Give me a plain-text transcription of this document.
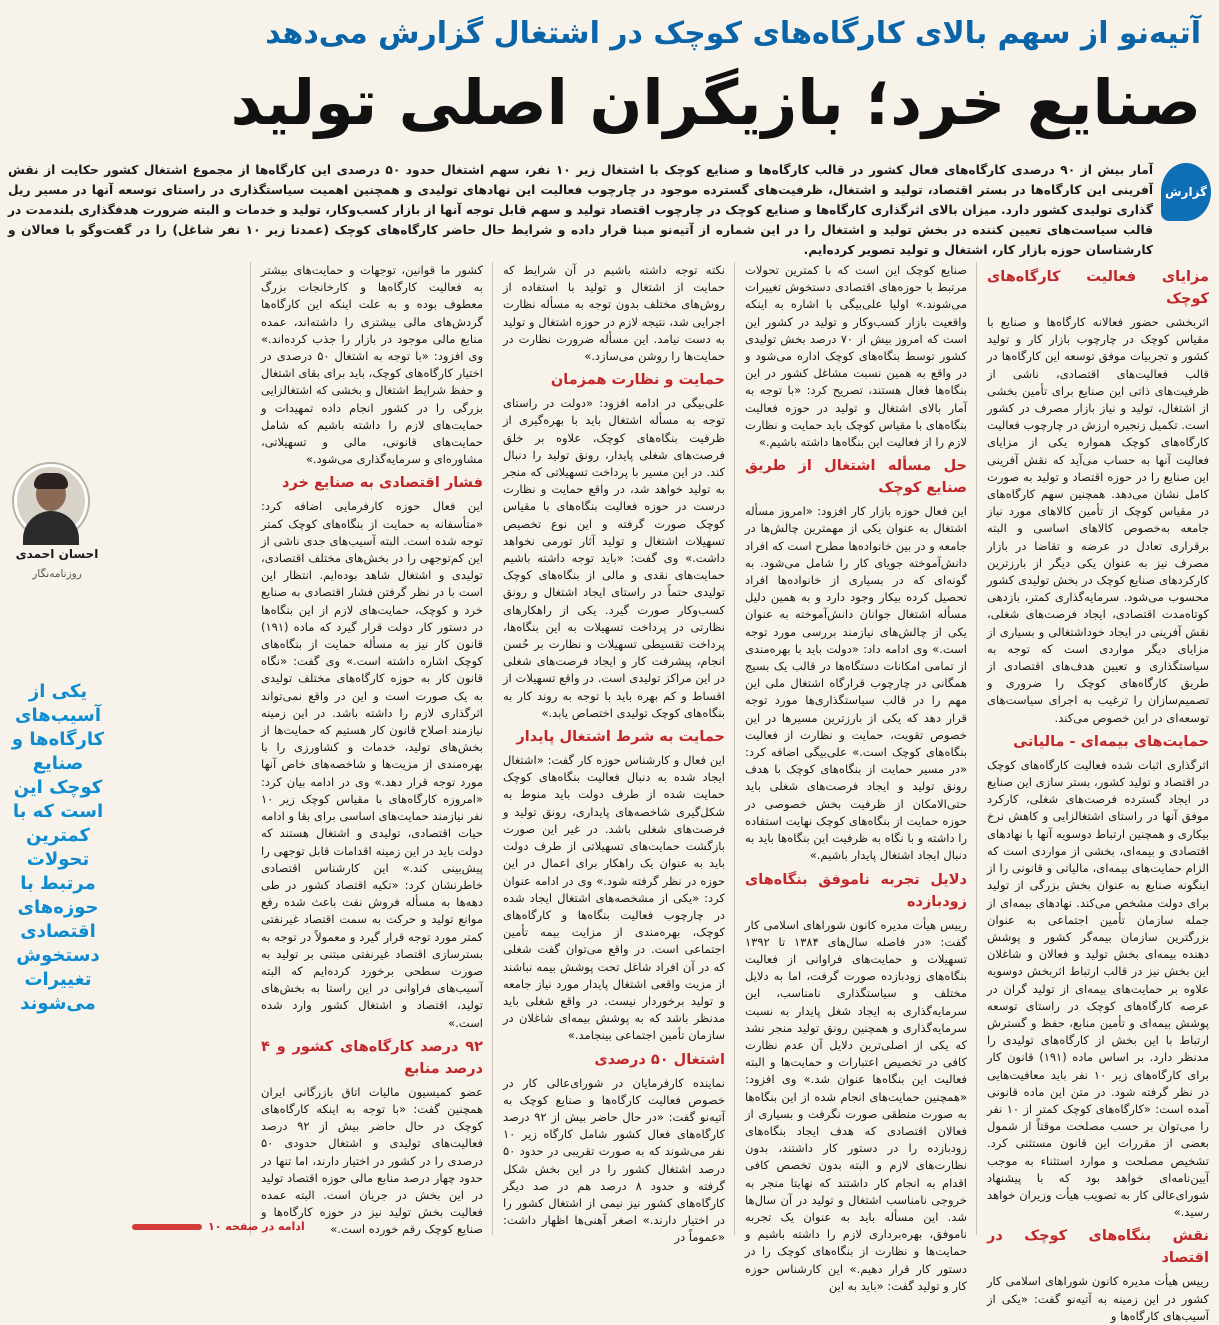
آتیه‌نو از سهم بالای کارگاه‌های کوچک در اشتغال گزارش می‌دهد
صنایع خرد؛ بازیگران اصلی تولید
گزارش
آمار بیش از ۹۰ درصدی کارگاه‌های فعال کشور در قالب کارگاه‌ها و صنایع کوچک با اشتغال زیر ۱۰ نفر، سهم اشتغال حدود ۵۰ درصدی این کارگاه‌ها از مجموع اشتغال کشور حکایت از نقش آفرینی این کارگاه‌ها در بستر اقتصاد، تولید و اشتغال، ظرفیت‌های گسترده موجود در چارچوب فعالیت این نهادهای تولیدی و همچنین اهمیت سیاستگذاری در راستای توسعه آنها در مسیر ریل گذاری تولیدی کشور دارد. میزان بالای اثرگذاری کارگاه‌ها و صنایع کوچک در چارچوب اقتصاد تولید و سهم قابل توجه آنها از بازار کسب‌وکار، تولید و خدمات و البته ضرورت هدفگذاری بلندمدت در قالب سیاست‌های تعیین کننده در بخش تولید و اشتغال را در این شماره از آتیه‌نو مبنا قرار داده و شرایط حال حاضر کارگاه‌های کوچک (عمدتا زیر ۱۰ نفر شاغل) را در گفت‌وگو با فعالان و کارشناسان حوزه بازار کار، اشتغال و تولید تصویر کرده‌ایم.
مزایای فعالیت کارگاه‌های کوچک

اثربخشی حضور فعالانه کارگاه‌ها و صنایع با مقیاس کوچک در چارچوب بازار کار و تولید کشور و تجربیات موفق توسعه این کارگاه‌ها در قالب فعالیت‌های اقتصادی، ناشی از ظرفیت‌های ذاتی این صنایع برای تأمین بخشی از اشتغال، تولید و نیاز بازار مصرف در کشور است. تکمیل زنجیره ارزش در چارچوب فعالیت کارگاه‌های کوچک همواره یکی از مزایای فعالیت آنها به حساب می‌آید که نقش آفرینی این صنایع را در حوزه اقتصاد و تولید به صورت کامل نشان می‌دهد. همچنین سهم کارگاه‌های در مقیاس کوچک از تأمین کالاهای مورد نیاز جامعه به‌خصوص کالاهای اساسی و البته برقراری تعادل در عرضه و تقاضا در بازار مصرف نیز به عنوان یکی دیگر از بارزترین کارکردهای صنایع کوچک در بخش تولیدی کشور محسوب می‌شود. سرمایه‌گذاری کمتر، بازدهی کوتاه‌مدت اقتصادی، ایجاد فرصت‌های شغلی، نقش آفرینی در ایجاد خوداشتغالی و بسیاری از مزایای دیگر مواردی است که توجه به سیاستگذاری و تعیین هدف‌های اقتصادی از طریق کارگاه‌های کوچک را ضروری و تصمیم‌سازان را ترغیب به اجرای سیاست‌های توسعه‌ای در این خصوص می‌کند.

حمایت‌های بیمه‌ای - مالیاتی

اثرگذاری اثبات شده فعالیت کارگاه‌های کوچک در اقتصاد و تولید کشور، بستر سازی این صنایع در ایجاد گسترده فرصت‌های شغلی، کارکرد موفق آنها در راستای اشتغالزایی و کاهش نرخ بیکاری و همچنین ارتباط دوسویه آنها با نهادهای اقتصادی و بیمه‌ای، بخشی از مواردی است که الزام حمایت‌های بیمه‌ای، مالیاتی و قانونی را از اینگونه صنایع به عنوان بخش بزرگی از تولید برای دولت مشخص می‌کند. نهادهای بیمه‌ای از جمله سازمان تأمین اجتماعی به عنوان بزرگترین سازمان بیمه‌گر کشور و پوشش دهنده بیمه‌ای بخش تولید و فعالان و شاغلان این بخش نیز در قالب ارتباط اثربخش دوسویه علاوه بر حمایت‌های بیمه‌ای از تولید گران در عرصه کارگاه‌های کوچک در راستای توسعه پوشش بیمه‌ای و تأمین منابع، حفظ و گسترش ارتباط با این بخش از کارگاه‌های تولیدی را مدنظر دارد. بر اساس ماده (۱۹۱) قانون کار برای کارگاه‌های زیر ۱۰ نفر باید معافیت‌هایی در نظر گرفته شود. در متن این ماده قانونی آمده است: «کارگاه‌های کوچک کمتر از ۱۰ نفر را می‌توان بر حسب مصلحت موقتاً از شمول بعضی از مقررات این قانون مستثنی کرد. تشخیص مصلحت و موارد استثناء به موجب آیین‌نامه‌ای خواهد بود که با پیشنهاد شورای‌عالی کار به تصویب هیأت وزیران خواهد رسید.»

نقش بنگاه‌های کوچک در اقتصاد

رییس هیأت مدیره کانون شوراهای اسلامی کار کشور در این زمینه به آتیه‌نو گفت: «یکی از آسیب‌های کارگاه‌ها و

صنایع کوچک این است که با کمترین تحولات مرتبط با حوزه‌های اقتصادی دستخوش تغییرات می‌شوند.» اولیا علی‌بیگی با اشاره به اینکه واقعیت بازار کسب‌وکار و تولید در کشور این است که امروز بیش از ۷۰ درصد بخش تولیدی کشور توسط بنگاه‌های کوچک اداره می‌شود و در واقع به همین نسبت مشاغل کشور در این بنگاه‌ها فعال هستند، تصریح کرد: «با توجه به آمار بالای اشتغال و تولید در حوزه فعالیت بنگاه‌های با مقیاس کوچک باید حمایت و نظارت لازم را از فعالیت این بنگاه‌ها داشته باشیم.»

حل مسأله اشتغال از طریق صنایع کوچک

این فعال حوزه بازار کار افزود: «امروز مسأله اشتغال به عنوان یکی از مهمترین چالش‌ها در جامعه و در بین خانواده‌ها مطرح است که افراد دانش‌آموخته جویای کار را شامل می‌شود. به گونه‌ای که در بسیاری از خانواده‌ها افراد تحصیل کرده بیکار وجود دارد و به همین دلیل مسأله اشتغال جوانان دانش‌آموخته به عنوان یکی از چالش‌های نیازمند بررسی مورد توجه است.» وی ادامه داد: «دولت باید با بهره‌مندی از تمامی امکانات دستگاه‌ها در قالب یک بسیج همگانی در چارچوب قرارگاه اشتغال ملی این مهم را در قالب سیاستگذاری‌ها مورد توجه قرار دهد که یکی از بارزترین مسیرها در این خصوص تقویت، حمایت و نظارت از فعالیت بنگاه‌های کوچک است.» علی‌بیگی اضافه کرد: «در مسیر حمایت از بنگاه‌های کوچک با هدف رونق تولید و ایجاد فرصت‌های شغلی باید حتی‌الامکان از ظرفیت بخش خصوصی در حوزه حمایت از بنگاه‌های کوچک نهایت استفاده را داشته و با نگاه به ظرفیت این بنگاه‌ها باید به دنبال ایجاد اشتغال پایدار باشیم.»

دلایل تجربه ناموفق بنگاه‌های زودبازده

رییس هیأت مدیره کانون شوراهای اسلامی کار گفت: «در فاصله سال‌های ۱۳۸۴ تا ۱۳۹۲ تسهیلات و حمایت‌های فراوانی از فعالیت بنگاه‌های زودبازده صورت گرفت، اما به دلایل مختلف و سیاستگذاری نامناسب، این سرمایه‌گذاری به ایجاد شغل پایدار به نسبت سرمایه‌گذاری و همچنین رونق تولید منجر نشد که یکی از اصلی‌ترین دلایل آن عدم نظارت کافی در تخصیص اعتبارات و حمایت‌ها و البته فعالیت این بنگاه‌ها عنوان شد.» وی افزود: «همچنین حمایت‌های انجام شده از این بنگاه‌ها به صورت منطقی صورت نگرفت و بسیاری از فعالان اقتصادی که هدف ایجاد بنگاه‌های زودبازده را در دستور کار داشتند، بدون نظارت‌های لازم و البته بدون تخصص کافی اقدام به انجام کار داشتند که نهایتا منجر به خروجی نامناسب اشتغال و تولید در آن سال‌ها شد. این مسأله باید به عنوان یک تجربه ناموفق، بهره‌برداری لازم را داشته باشیم و حمایت‌ها و نظارت از بنگاه‌های کوچک را در دستور کار قرار دهیم.» این کارشناس حوزه کار و تولید گفت: «باید به این

نکته توجه داشته باشیم در آن شرایط که حمایت از اشتغال و تولید با استفاده از روش‌های مختلف بدون توجه به مسأله نظارت اجرایی شد، نتیجه لازم در حوزه اشتغال و تولید به دست نیامد. این مسأله ضرورت نظارت در حمایت‌ها را روشن می‌سازد.»

حمایت و نظارت همزمان

علی‌بیگی در ادامه افزود: «دولت در راستای توجه به مسأله اشتغال باید با بهره‌گیری از ظرفیت بنگاه‌های کوچک، علاوه بر خلق فرصت‌های شغلی پایدار، رونق تولید را دنبال کند. در این مسیر با پرداخت تسهیلاتی که منجر به تولید خواهد شد، در واقع حمایت و نظارت درست در حوزه فعالیت بنگاه‌های با مقیاس کوچک صورت گرفته و این نوع تخصیص تسهیلات اشتغال و تولید آثار تورمی نخواهد داشت.» وی گفت: «باید توجه داشته باشیم حمایت‌های نقدی و مالی از بنگاه‌های کوچک تولیدی حتماً در راستای ایجاد اشتغال و رونق کسب‌وکار صورت گیرد. یکی از راهکارهای نظارتی در پرداخت تسهیلات به این بنگاه‌ها، پرداخت تقسیطی تسهیلات و نظارت بر حُسن انجام، پیشرفت کار و ایجاد فرصت‌های شغلی در این مراکز تولیدی است. در واقع تسهیلات از اقساط و کم بهره باید با توجه به روند کار به بنگاه‌های کوچک تولیدی اختصاص یابد.»

حمایت به شرط اشتغال پایدار

این فعال و کارشناس حوزه کار گفت: «اشتغال ایجاد شده به دنبال فعالیت بنگاه‌های کوچک حمایت شده از طرف دولت باید منوط به شکل‌گیری شاخصه‌های پایداری، رونق تولید و فرصت‌های شغلی باشد. در غیر این صورت بازگشت حمایت‌های تسهیلاتی از طرف دولت باید به عنوان یک راهکار برای اعمال در این حوزه در نظر گرفته شود.» وی در ادامه عنوان کرد: «یکی از مشخصه‌های اشتغال ایجاد شده در چارچوب فعالیت بنگاه‌ها و کارگاه‌های کوچک، بهره‌مندی از مزایت بیمه تأمین اجتماعی است. در واقع می‌توان گفت شغلی که در آن افراد شاغل تحت پوشش بیمه نباشند از مزیت واقعی اشتغال پایدار مورد نیاز جامعه و تولید برخوردار نیست. در واقع شغلی باید مدنظر باشد که به پوشش بیمه‌ای شاغلان در سازمان تأمین اجتماعی بینجامد.»

اشتغال ۵۰ درصدی

نماینده کارفرمایان در شورای‌عالی کار در خصوص فعالیت کارگاه‌ها و صنایع کوچک به آتیه‌نو گفت: «در حال حاضر بیش از ۹۲ درصد کارگاه‌های فعال کشور شامل کارگاه زیر ۱۰ نفر می‌شوند که به صورت تقریبی در حدود ۵۰ درصد اشتغال کشور را در این بخش شکل گرفته و حدود ۸ درصد هم در صد دیگر کارگاه‌های کشور نیز نیمی از اشتغال کشور را در اختیار دارند.» اصغر آهنی‌ها اظهار داشت: «عموماً در

کشور ما قوانین، توجهات و حمایت‌های بیشتر به فعالیت کارگاه‌ها و کارخانجات بزرگ معطوف بوده و به علت اینکه این کارگاه‌ها گردش‌های مالی بیشتری را داشته‌اند، عمده منابع مالی موجود در بازار را جذب کرده‌اند.» وی افزود: «با توجه به اشتغال ۵۰ درصدی در اختیار کارگاه‌های کوچک، باید برای بقای اشتغال و حفظ شرایط اشتغال و بخشی که اشتغالزایی بزرگی را در کشور انجام داده تمهیدات و حمایت‌های لازم را داشته باشیم که شامل حمایت‌های قانونی، مالی و تسهیلاتی، مشاوره‌ای و سرمایه‌گذاری می‌شود.»

فشار اقتصادی به صنایع خرد

این فعال حوزه کارفرمایی اضافه کرد: «متأسفانه به حمایت از بنگاه‌های کوچک کمتر توجه شده است. البته آسیب‌های جدی ناشی از این کم‌توجهی را در بخش‌های مختلف اقتصادی، تولیدی و اشتغال شاهد بوده‌ایم. انتظار این است با در نظر گرفتن فشار اقتصادی به صنایع خرد و کوچک، حمایت‌های لازم از این بنگاه‌ها در دستور کار دولت قرار گیرد که ماده (۱۹۱) قانون کار نیز به مسأله حمایت از بنگاه‌های کوچک اشاره داشته است.» وی گفت: «نگاه قانون کار به حوزه کارگاه‌های مختلف تولیدی به یک صورت است و این در واقع نمی‌تواند اثرگذاری لازم را داشته باشد. در این زمینه نیازمند اصلاح قانون کار هستیم که حمایت‌ها از بخش‌های تولید، خدمات و کشاورزی را با بهره‌مندی از مزیت‌ها و شاخصه‌های خاص آنها مورد توجه قرار دهد.» وی در ادامه بیان کرد: «امروزه کارگاه‌های با مقیاس کوچک زیر ۱۰ نفر نیازمند حمایت‌های اساسی برای بقا و ادامه حیات اقتصادی، تولیدی و اشتغال هستند که دولت باید در این زمینه اقدامات قابل توجهی را پیش‌بینی کند.» این کارشناس اقتصادی خاطرنشان کرد: «تکیه اقتصاد کشور در طی دهه‌ها به مسأله فروش نفت باعث شده رفع موانع تولید و حرکت به سمت اقتصاد غیرنفتی کمتر مورد توجه قرار گیرد و معمولاً در توجه به بسترسازی اقتصاد غیرنفتی مبتنی بر تولید به صورت سطحی برخورد کرده‌ایم که البته آسیب‌های فراوانی در این راستا به بخش‌های تولید، اقتصاد و اشتغال کشور وارد شده است.»

۹۲ درصد کارگاه‌های کشور و ۴ درصد منابع

عضو کمیسیون مالیات اتاق بازرگانی ایران همچنین گفت: «با توجه به اینکه کارگاه‌های کوچک در حال حاضر بیش از ۹۲ درصد فعالیت‌های تولیدی و اشتغال حدودی ۵۰ درصدی را در کشور در اختیار دارند، اما تنها در حدود چهار درصد منابع مالی حوزه اقتصاد تولید در این بخش در جریان است. البته عمده فعالیت بخش تولید نیز در حوزه کارگاه‌ها و صنایع کوچک رقم خورده است.»

احسان احمدی
روزنامه‌نگار
یکی از آسیب‌های کارگاه‌ها و صنایع کوچک این است که با کمترین تحولات مرتبط با حوزه‌های اقتصادی دستخوش تغییرات می‌شوند
ادامه در صفحه ۱۰
